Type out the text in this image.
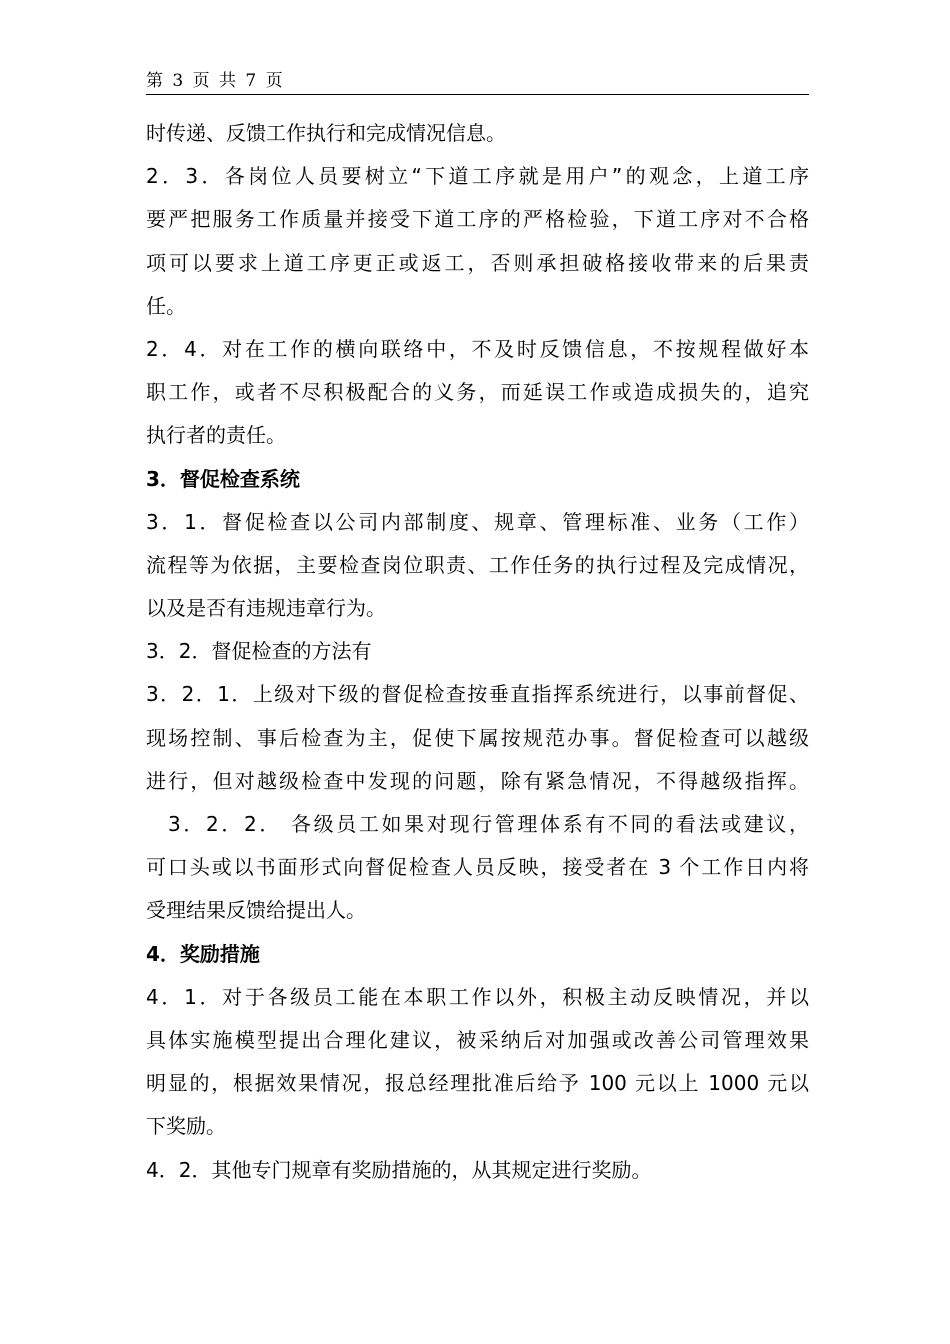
第 3 页 共 7 页
时传递、反馈工作执行和完成情况信息。
2．3．各岗位人员要树立“下道工序就是用户”的观念，上道工序
要严把服务工作质量并接受下道工序的严格检验，下道工序对不合格
项可以要求上道工序更正或返工，否则承担破格接收带来的后果责
任。
2．4．对在工作的横向联络中，不及时反馈信息，不按规程做好本
职工作，或者不尽积极配合的义务，而延误工作或造成损失的，追究
执行者的责任。
3．督促检查系统
3．1．督促检查以公司内部制度、规章、管理标准、业务（工作）
流程等为依据，主要检查岗位职责、工作任务的执行过程及完成情况，
以及是否有违规违章行为。
3．2．督促检查的方法有
3．2．1．上级对下级的督促检查按垂直指挥系统进行，以事前督促、
现场控制、事后检查为主，促使下属按规范办事。督促检查可以越级
进行，但对越级检查中发现的问题，除有紧急情况，不得越级指挥。
3．2．2． 各级员工如果对现行管理体系有不同的看法或建议，
可口头或以书面形式向督促检查人员反映，接受者在 3 个工作日内将
受理结果反馈给提出人。
4．奖励措施
4．1．对于各级员工能在本职工作以外，积极主动反映情况，并以
具体实施模型提出合理化建议，被采纳后对加强或改善公司管理效果
明显的，根据效果情况，报总经理批准后给予 100 元以上 1000 元以
下奖励。
4．2．其他专门规章有奖励措施的，从其规定进行奖励。
